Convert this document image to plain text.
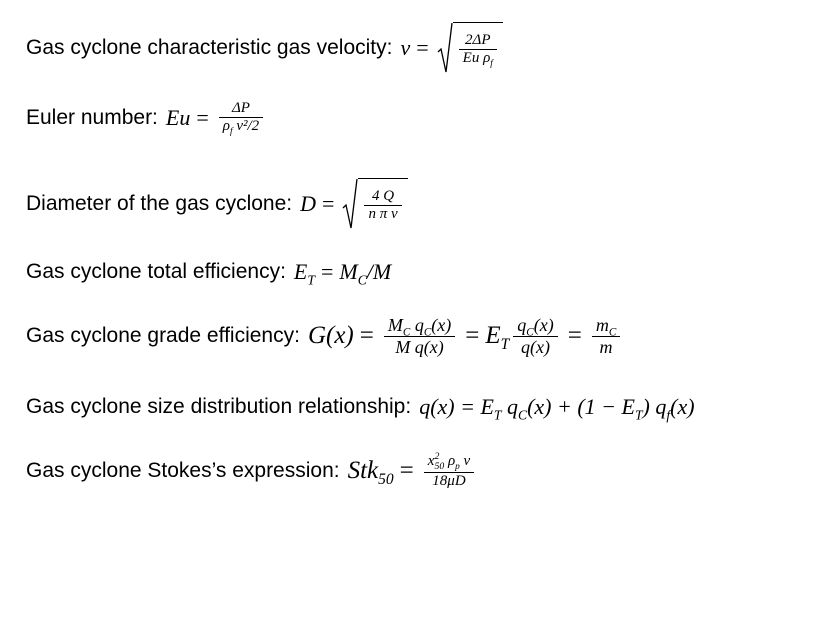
Gas cyclone characteristic gas velocity: $v = \frac{2\Delta P}{Eu \rho_f}$
Euler number: $Eu = \frac{\Delta P}{\rho_f v^2/2}$
Diameter of the gas cyclone: $D = \frac{4 Q}{\text{n π v}}$
Gas cyclone total efficiency: $E_T = M_C/M$
Gas cyclone grade efficiency: $G(x) = \frac{M_C q_C(x)}{\text{M q(x)}} = E_T \frac{q_C(x)}{q(x)} = \frac{m_C}{m}$
Gas cyclone size distribution relationship: $q(x) = E_T$ $q_C(x) + (1 - E_T)$ $q_f(x)$
Gas cyclone Stokes’s expression: Stk$_{50}$ = x 2
50 $\rho_p$ v
18μD
